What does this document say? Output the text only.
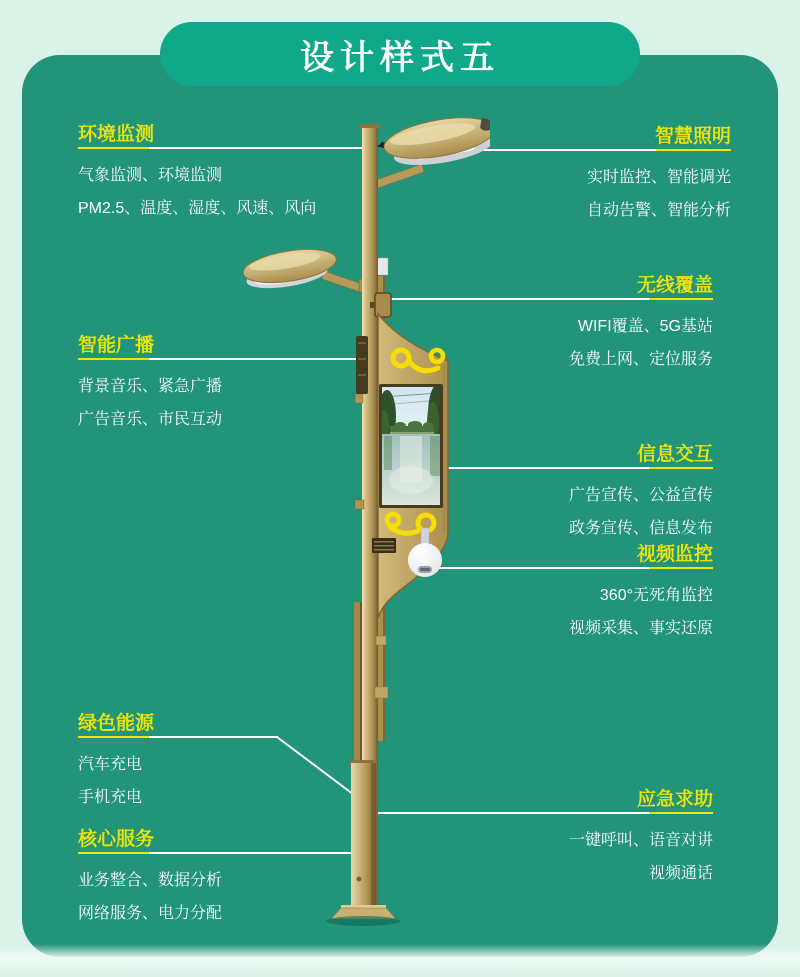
设计样式五
环境监测
气象监测、环境监测
PM2.5、温度、湿度、风速、风向
智能广播
背景音乐、紧急广播
广告音乐、市民互动
绿色能源
汽车充电
手机充电
核心服务
业务整合、数据分析
网络服务、电力分配
智慧照明
实时监控、智能调光
自动告警、智能分析
无线覆盖
WIFI覆盖、5G基站
免费上网、定位服务
信息交互
广告宣传、公益宣传
政务宣传、信息发布
视频监控
360°无死角监控
视频采集、事实还原
应急求助
一键呼叫、语音对讲
视频通话
